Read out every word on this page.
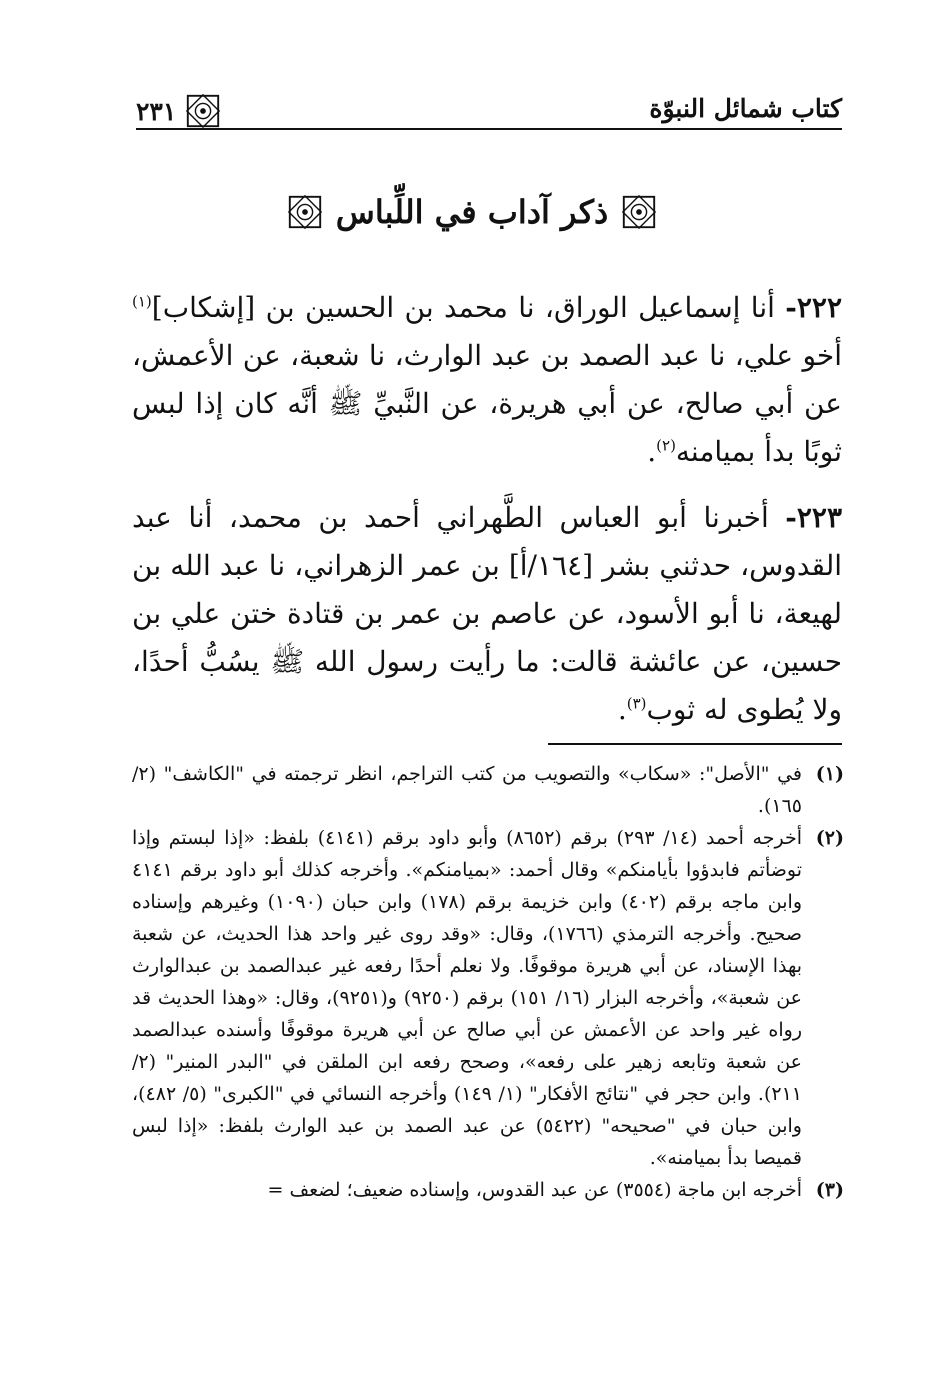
كتاب شمائل النبوّة
٢٣١
ذكر آداب في اللِّباس

٢٢٢- أنا إسماعيل الوراق، نا محمد بن الحسين بن [إشكاب]$^{(١)}$ أخو علي، نا عبد الصمد بن عبد الوارث، نا شعبة، عن الأعمش، عن أبي صالح، عن أبي هريرة، عن النَّبيِّ ﷺ أنَّه كان إذا لبس ثوبًا بدأ بميامنه$^{(٢)}$.

٢٢٣- أخبرنا أبو العباس الطَّهراني أحمد بن محمد، أنا عبد القدوس، حدثني بشر [١٦٤/أ] بن عمر الزهراني، نا عبد الله بن لهيعة، نا أبو الأسود، عن عاصم بن عمر بن قتادة ختن علي بن حسين، عن عائشة قالت: ما رأيت رسول الله ﷺ يسُبُّ أحدًا، ولا يُطوى له ثوب$^{(٣)}$.

(١)
في "الأصل": «سكاب» والتصويب من كتب التراجم، انظر ترجمته في "الكاشف" (٢/ ١٦٥).
(٢)
أخرجه أحمد (١٤/ ٢٩٣) برقم (٨٦٥٢) وأبو داود برقم (٤١٤١) بلفظ: «إذا لبستم وإذا توضأتم فابدؤوا بأيامنكم» وقال أحمد: «بميامنكم». وأخرجه كذلك أبو داود برقم ٤١٤١ وابن ماجه برقم (٤٠٢) وابن خزيمة برقم (١٧٨) وابن حبان (١٠٩٠) وغيرهم وإسناده صحيح. وأخرجه الترمذي (١٧٦٦)، وقال: «وقد روى غير واحد هذا الحديث، عن شعبة بهذا الإسناد، عن أبي هريرة موقوفًا. ولا نعلم أحدًا رفعه غير عبدالصمد بن عبدالوارث عن شعبة»، وأخرجه البزار (١٦/ ١٥١) برقم (٩٢٥٠) و(٩٢٥١)، وقال: «وهذا الحديث قد رواه غير واحد عن الأعمش عن أبي صالح عن أبي هريرة موقوفًا وأسنده عبدالصمد عن شعبة وتابعه زهير على رفعه»، وصحح رفعه ابن الملقن في "البدر المنير" (٢/ ٢١١). وابن حجر في "نتائج الأفكار" (١/ ١٤٩) وأخرجه النسائي في "الكبرى" (٥/ ٤٨٢)، وابن حبان في "صحيحه" (٥٤٢٢) عن عبد الصمد بن عبد الوارث بلفظ: «إذا لبس قميصا بدأ بميامنه».
(٣)
أخرجه ابن ماجة (٣٥٥٤) عن عبد القدوس، وإسناده ضعيف؛ لضعف =
